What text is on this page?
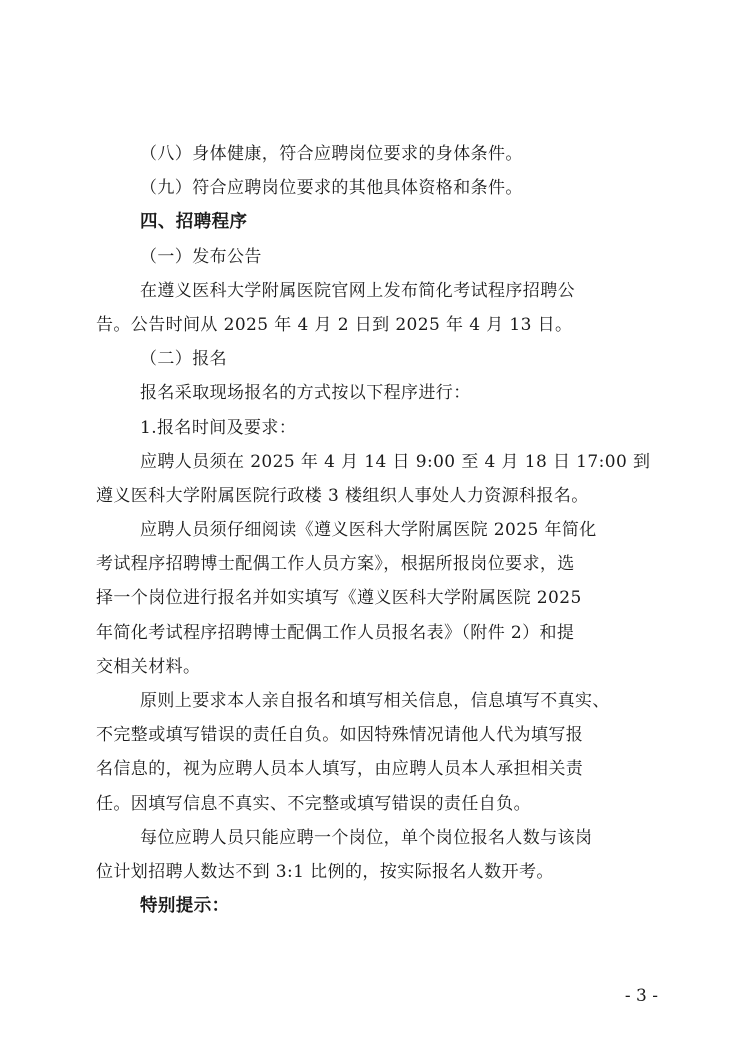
（八）身体健康，符合应聘岗位要求的身体条件。
（九）符合应聘岗位要求的其他具体资格和条件。
四、招聘程序
（一）发布公告
在遵义医科大学附属医院官网上发布简化考试程序招聘公
告。公告时间从 2025 年 4 月 2 日到 2025 年 4 月 13 日。
（二）报名
报名采取现场报名的方式按以下程序进行：
1.报名时间及要求：
应聘人员须在 2025 年 4 月 14 日 9:00 至 4 月 18 日 17:00 到
遵义医科大学附属医院行政楼 3 楼组织人事处人力资源科报名。
应聘人员须仔细阅读《遵义医科大学附属医院 2025 年简化
考试程序招聘博士配偶工作人员方案》，根据所报岗位要求，选
择一个岗位进行报名并如实填写《遵义医科大学附属医院 2025
年简化考试程序招聘博士配偶工作人员报名表》（附件 2）和提
交相关材料。
原则上要求本人亲自报名和填写相关信息，信息填写不真实、
不完整或填写错误的责任自负。如因特殊情况请他人代为填写报
名信息的，视为应聘人员本人填写，由应聘人员本人承担相关责
任。因填写信息不真实、不完整或填写错误的责任自负。
每位应聘人员只能应聘一个岗位，单个岗位报名人数与该岗
位计划招聘人数达不到 3:1 比例的，按实际报名人数开考。
特别提示：
- 3 -
